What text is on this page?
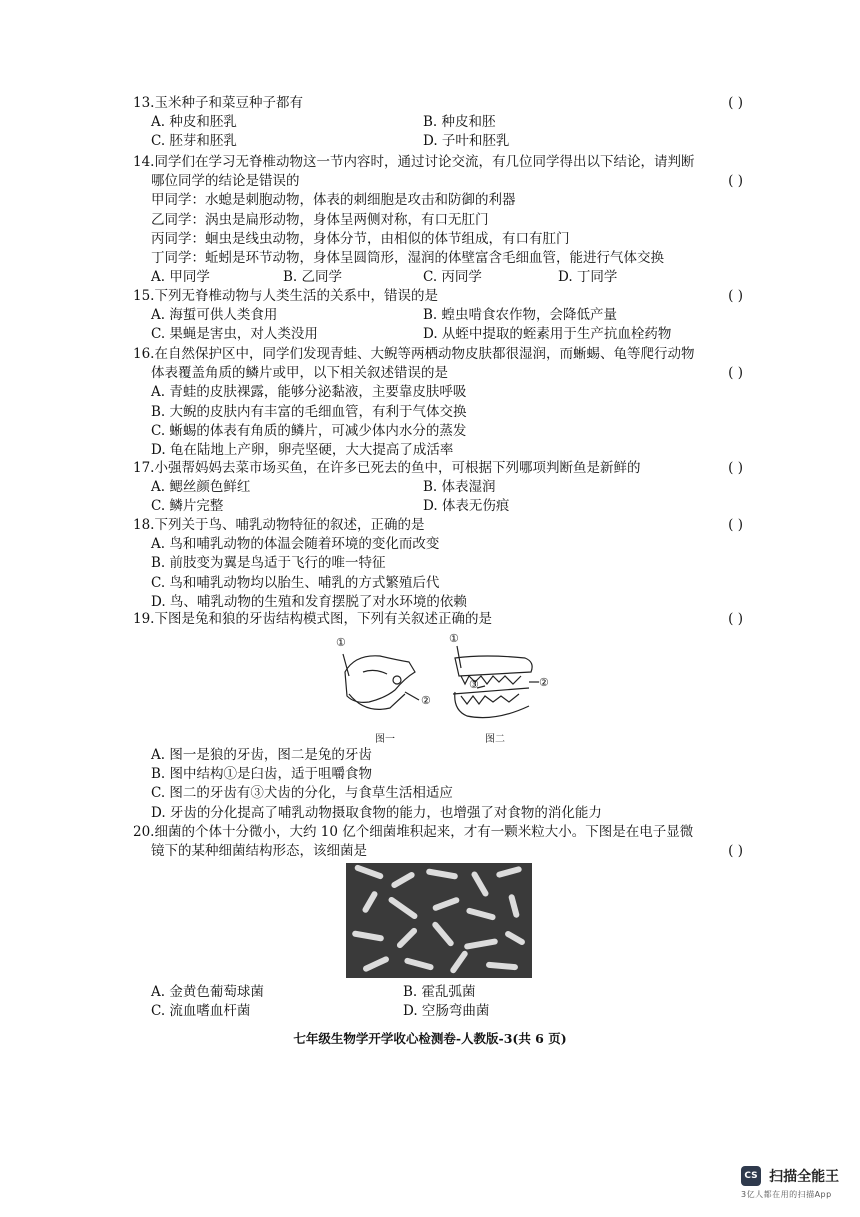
13.玉米种子和菜豆种子都有	( )
A. 种皮和胚乳	B. 种皮和胚
C. 胚芽和胚乳	D. 子叶和胚乳
14.同学们在学习无脊椎动物这一节内容时，通过讨论交流，有几位同学得出以下结论，请判断
哪位同学的结论是错误的	( )
甲同学：水螅是刺胞动物，体表的刺细胞是攻击和防御的利器
乙同学：涡虫是扁形动物，身体呈两侧对称，有口无肛门
丙同学：蛔虫是线虫动物，身体分节，由相似的体节组成，有口有肛门
丁同学：蚯蚓是环节动物，身体呈圆筒形，湿润的体壁富含毛细血管，能进行气体交换
A. 甲同学	B. 乙同学	C. 丙同学	D. 丁同学
15.下列无脊椎动物与人类生活的关系中，错误的是	( )
A. 海蜇可供人类食用	B. 蝗虫啃食农作物，会降低产量
C. 果蝇是害虫，对人类没用	D. 从蛭中提取的蛭素用于生产抗血栓药物
16.在自然保护区中，同学们发现青蛙、大鲵等两栖动物皮肤都很湿润，而蜥蜴、龟等爬行动物
体表覆盖角质的鳞片或甲，以下相关叙述错误的是	( )
A. 青蛙的皮肤裸露，能够分泌黏液，主要靠皮肤呼吸
B. 大鲵的皮肤内有丰富的毛细血管，有利于气体交换
C. 蜥蜴的体表有角质的鳞片，可减少体内水分的蒸发
D. 龟在陆地上产卵，卵壳坚硬，大大提高了成活率
17.小强帮妈妈去菜市场买鱼，在许多已死去的鱼中，可根据下列哪项判断鱼是新鲜的	( )
A. 鳃丝颜色鲜红	B. 体表湿润
C. 鳞片完整	D. 体表无伤痕
18.下列关于鸟、哺乳动物特征的叙述，正确的是	( )
A. 鸟和哺乳动物的体温会随着环境的变化而改变
B. 前肢变为翼是鸟适于飞行的唯一特征
C. 鸟和哺乳动物均以胎生、哺乳的方式繁殖后代
D. 鸟、哺乳动物的生殖和发育摆脱了对水环境的依赖
19.下图是兔和狼的牙齿结构模式图，下列有关叙述正确的是	( )
①
②
①
③	②
图一	图二
A. 图一是狼的牙齿，图二是兔的牙齿
B. 图中结构①是臼齿，适于咀嚼食物
C. 图二的牙齿有③犬齿的分化，与食草生活相适应
D. 牙齿的分化提高了哺乳动物摄取食物的能力，也增强了对食物的消化能力
20.细菌的个体十分微小，大约 10 亿个细菌堆积起来，才有一颗米粒大小。下图是在电子显微
镜下的某种细菌结构形态，该细菌是	( )
A. 金黄色葡萄球菌	B. 霍乱弧菌
C. 流血嗜血杆菌	D. 空肠弯曲菌
七年级生物学开学收心检测卷-人教版-3(共 6 页)
CS 扫描全能王
3亿人都在用的扫描App
